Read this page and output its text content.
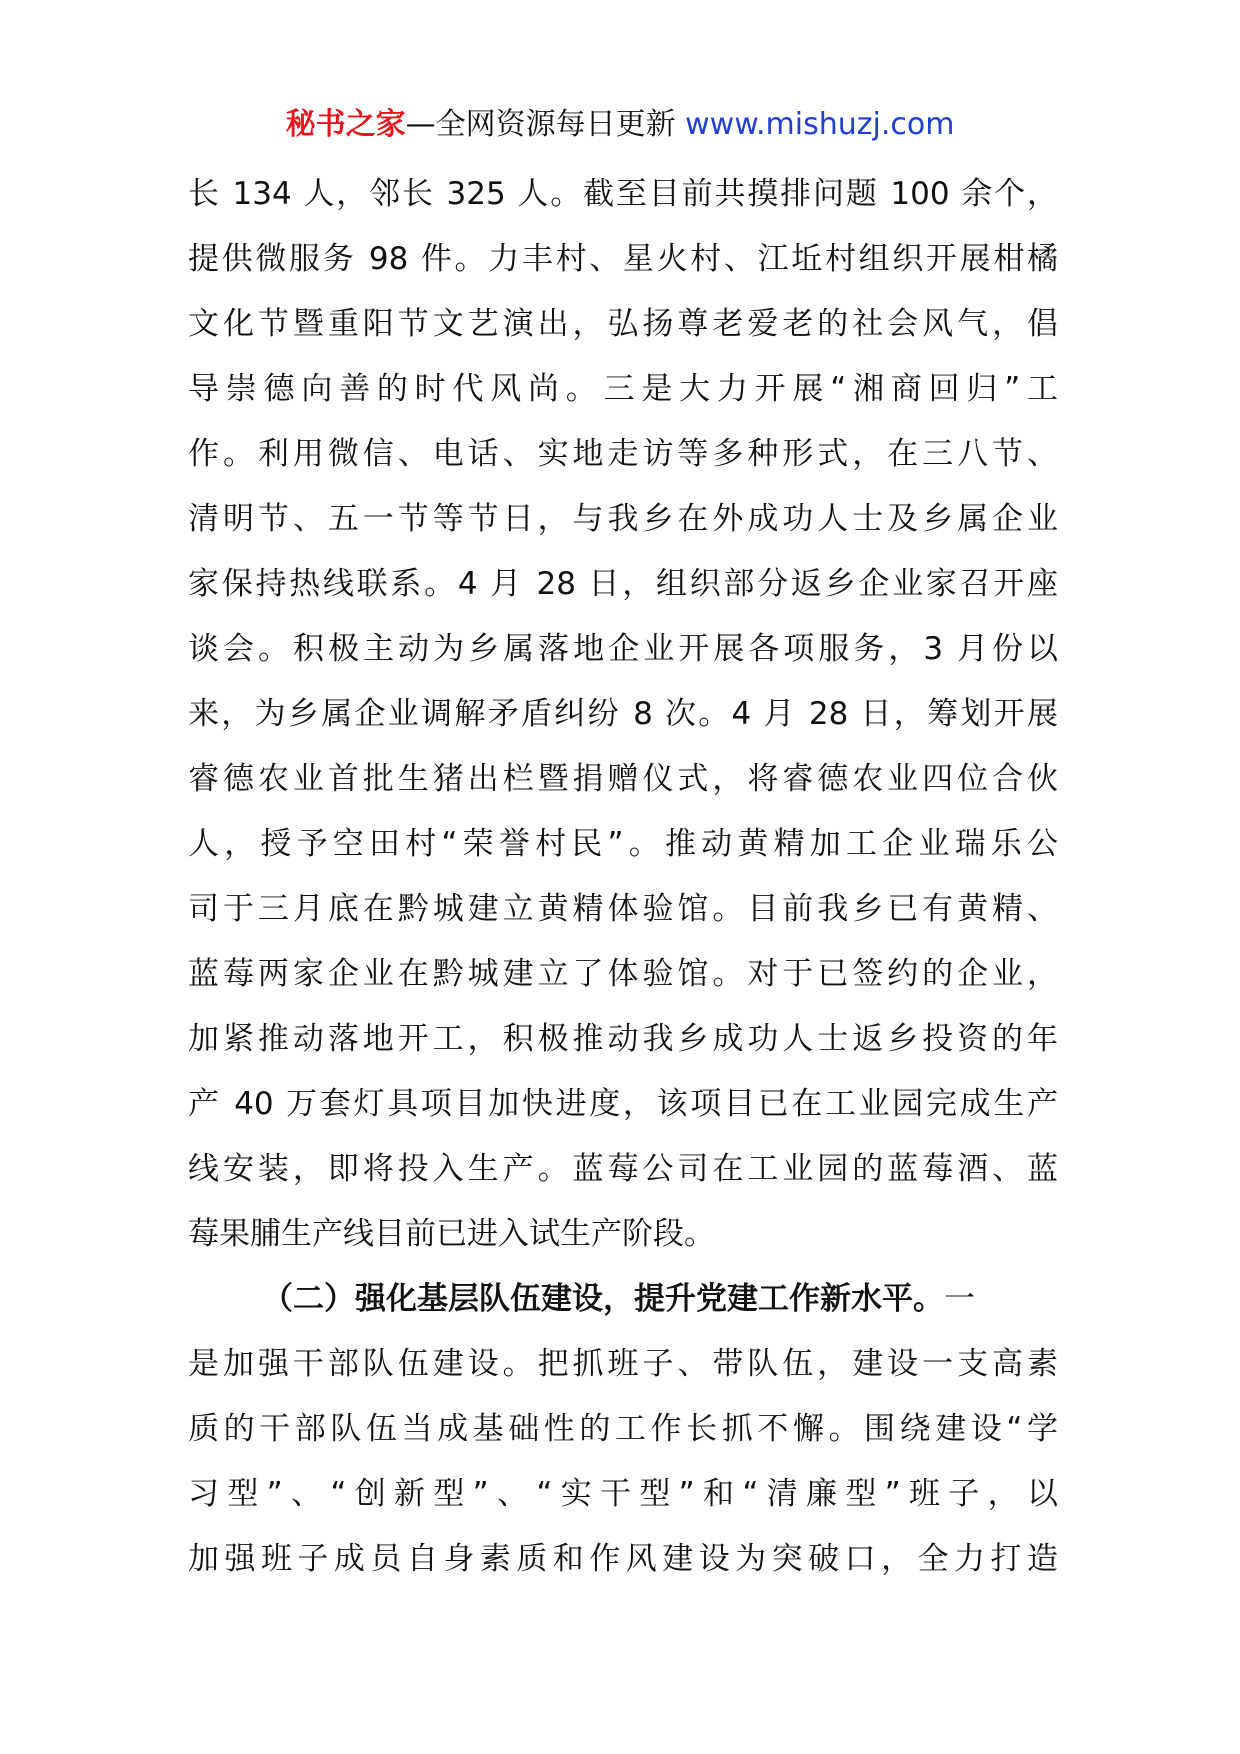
秘书之家—全网资源每日更新 www.mishuzj.com
长 134 人，邻长 325 人。截至目前共摸排问题 100 余个，
提供微服务 98 件。力丰村、星火村、江坵村组织开展柑橘
文化节暨重阳节文艺演出，弘扬尊老爱老的社会风气，倡
导崇德向善的时代风尚。三是大力开展“湘商回归”工
作。利用微信、电话、实地走访等多种形式，在三八节、
清明节、五一节等节日，与我乡在外成功人士及乡属企业
家保持热线联系。4 月 28 日，组织部分返乡企业家召开座
谈会。积极主动为乡属落地企业开展各项服务，3 月份以
来，为乡属企业调解矛盾纠纷 8 次。4 月 28 日，筹划开展
睿德农业首批生猪出栏暨捐赠仪式，将睿德农业四位合伙
人，授予空田村“荣誉村民”。推动黄精加工企业瑞乐公
司于三月底在黔城建立黄精体验馆。目前我乡已有黄精、
蓝莓两家企业在黔城建立了体验馆。对于已签约的企业，
加紧推动落地开工，积极推动我乡成功人士返乡投资的年
产 40 万套灯具项目加快进度，该项目已在工业园完成生产
线安装，即将投入生产。蓝莓公司在工业园的蓝莓酒、蓝
莓果脯生产线目前已进入试生产阶段。
（二）强化基层队伍建设，提升党建工作新水平。一
是加强干部队伍建设。把抓班子、带队伍，建设一支高素
质的干部队伍当成基础性的工作长抓不懈。围绕建设“学
习型”、“创新型”、“实干型”和“清廉型”班子，以
加强班子成员自身素质和作风建设为突破口，全力打造
